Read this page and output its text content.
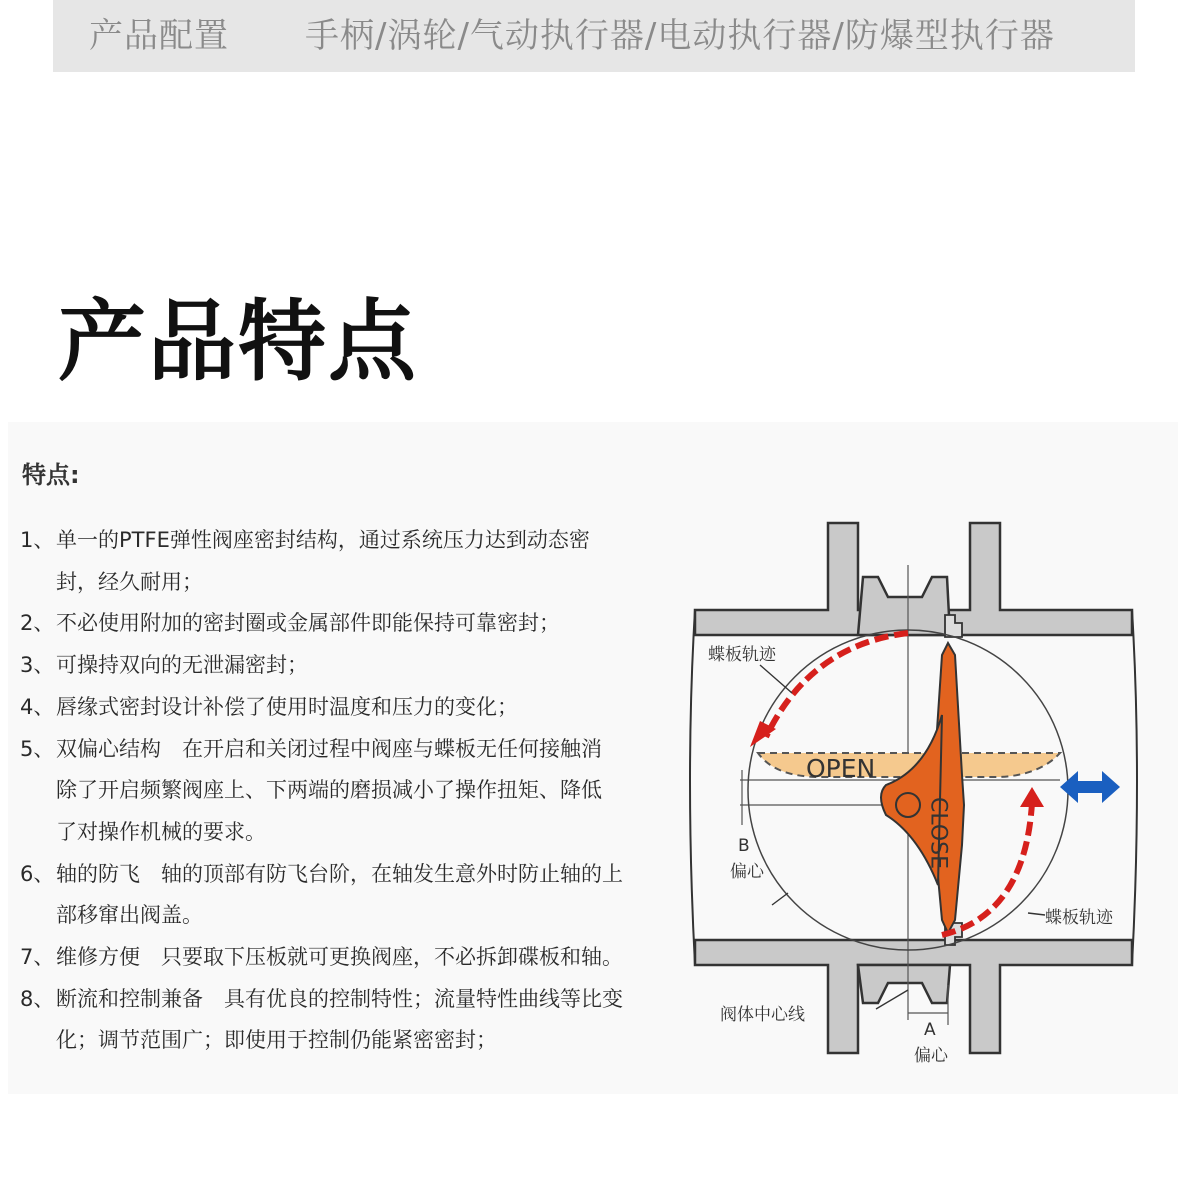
产品配置 手柄/涡轮/气动执行器/电动执行器/防爆型执行器
产品特点
特点:
1、单一的PTFE弹性阀座密封结构，通过系统压力达到动态密
封，经久耐用；
2、不必使用附加的密封圈或金属部件即能保持可靠密封；
3、可操持双向的无泄漏密封；
4、唇缘式密封设计补偿了使用时温度和压力的变化；
5、双偏心结构　在开启和关闭过程中阀座与蝶板无任何接触消
除了开启频繁阀座上、下两端的磨损减小了操作扭矩、降低
了对操作机械的要求。
6、轴的防飞　轴的顶部有防飞台阶，在轴发生意外时防止轴的上
部移窜出阀盖。
7、维修方便　只要取下压板就可更换阀座，不必拆卸碟板和轴。
8、断流和控制兼备　具有优良的控制特性；流量特性曲线等比变
化；调节范围广；即使用于控制仍能紧密密封；
蝶板轨迹
蝶板轨迹
OPEN
CLOSE
B
偏心
阀体中心线
A
偏心
